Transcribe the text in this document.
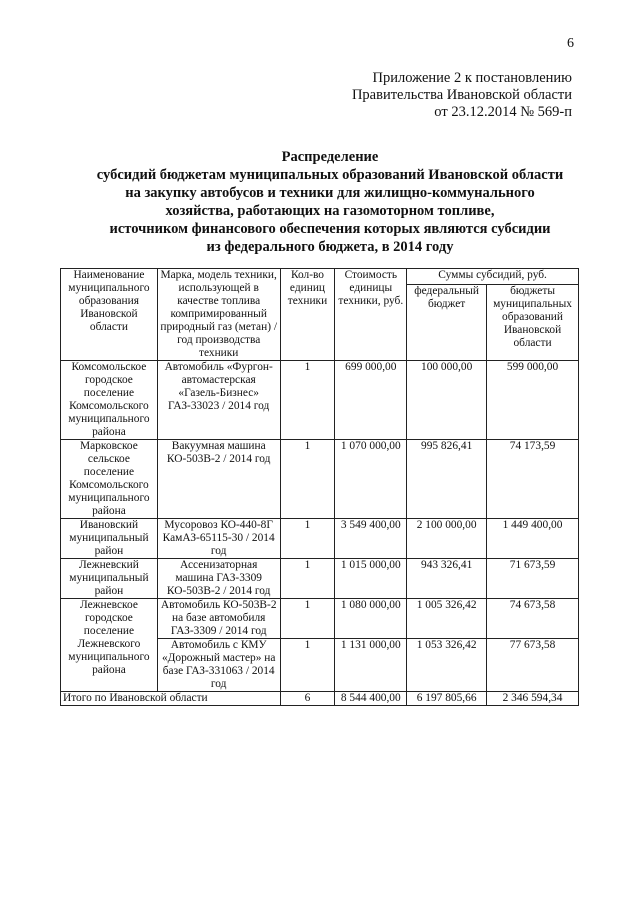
6
Приложение 2 к постановлению
Правительства Ивановской области
от 23.12.2014 № 569-п
Распределение
субсидий бюджетам муниципальных образований Ивановской области
на закупку автобусов и техники для жилищно-коммунального
хозяйства, работающих на газомоторном топливе,
источником финансового обеспечения которых являются субсидии
из федерального бюджета, в 2014 году
Наименование муниципального образования Ивановской области	Марка, модель техники, использующей в качестве топлива компримированный природный газ (метан) / год производства техники	Кол-во единиц техники	Стоимость единицы техники, руб.	Суммы субсидий, руб.	
				федеральный бюджет	бюджеты муниципальных образований Ивановской области
Комсомольское городское поселение Комсомольского муниципального района	Автомобиль «Фургон-автомастерская «Газель-Бизнес» ГАЗ-33023 / 2014 год	1	699 000,00	100 000,00	599 000,00
Марковское сельское поселение Комсомольского муниципального района	Вакуумная машина КО-503В-2 / 2014 год	1	1 070 000,00	995 826,41	74 173,59
Ивановский муниципальный район	Мусоровоз КО-440-8Г КамАЗ-65115-30 / 2014 год	1	3 549 400,00	2 100 000,00	1 449 400,00
Лежневский муниципальный район	Ассенизаторная машина ГАЗ-3309 КО-503В-2 / 2014 год	1	1 015 000,00	943 326,41	71 673,59
Лежневское городское поселение Лежневского муниципального района	Автомобиль КО-503В-2 на базе автомобиля ГАЗ-3309 / 2014 год	1	1 080 000,00	1 005 326,42	74 673,58
	Автомобиль с КМУ «Дорожный мастер» на базе ГАЗ-331063 / 2014 год	1	1 131 000,00	1 053 326,42	77 673,58
Итого по Ивановской области		6	8 544 400,00	6 197 805,66	2 346 594,34
